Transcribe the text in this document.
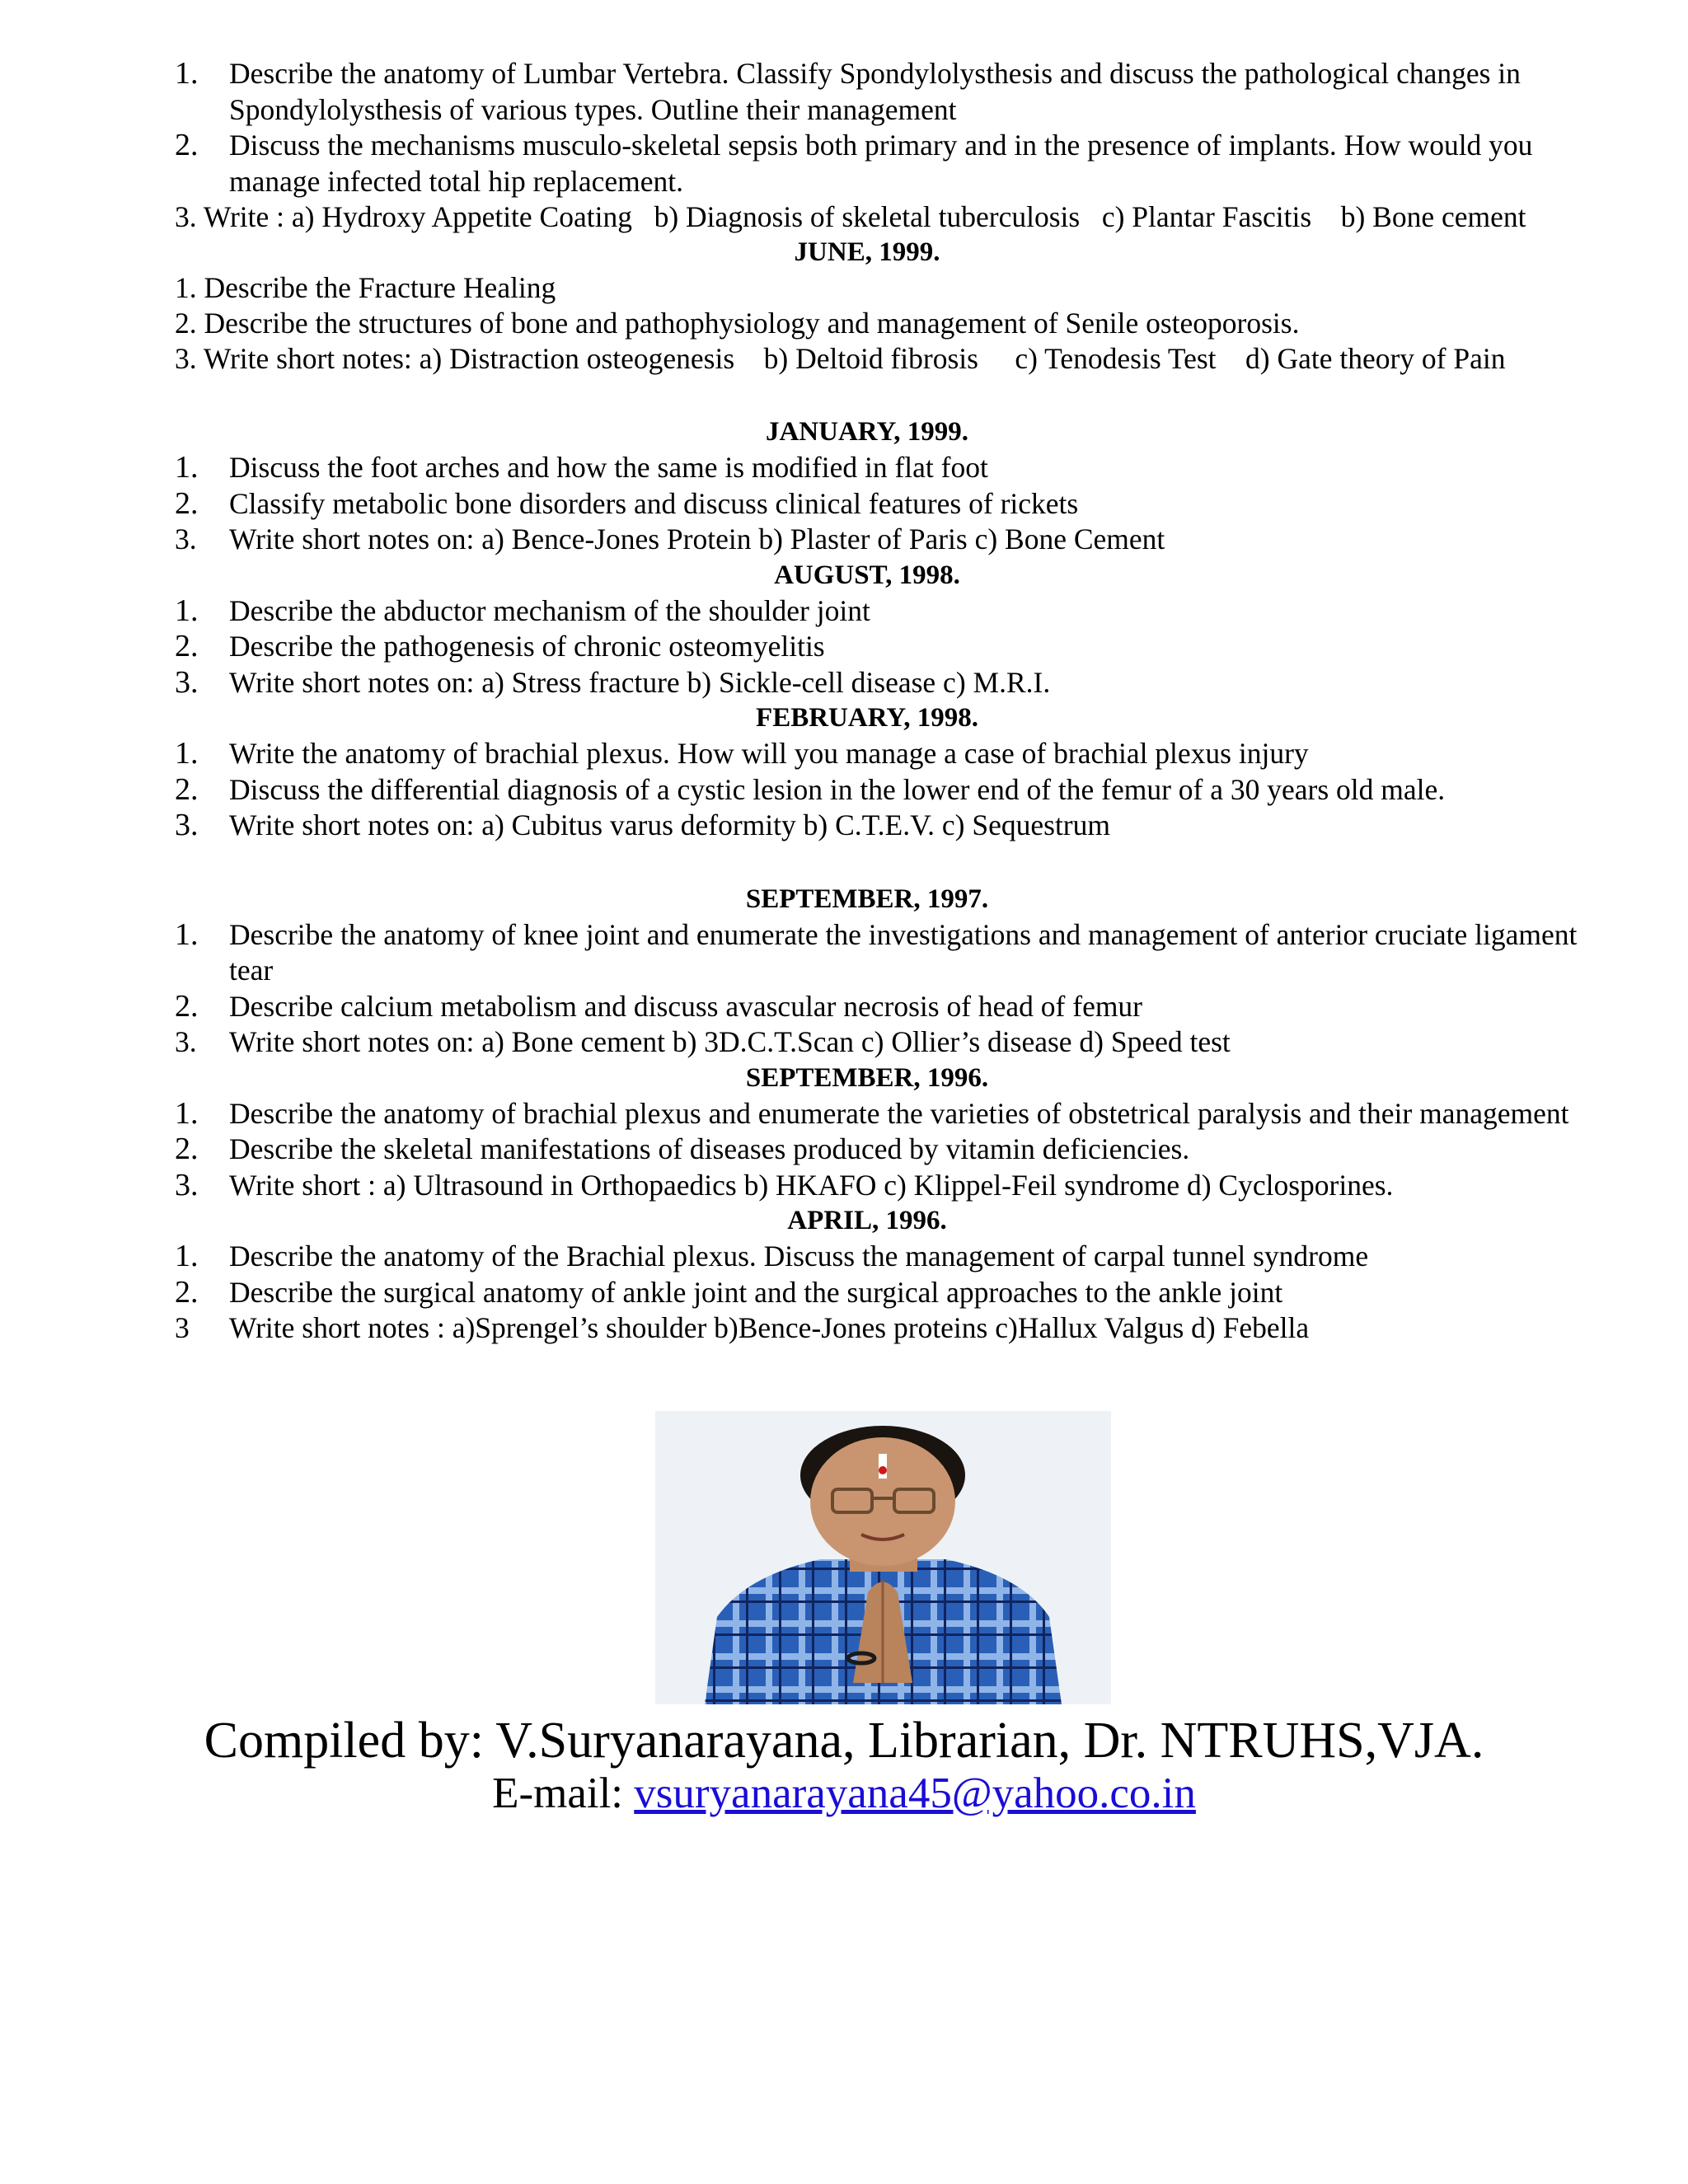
1.	Describe the anatomy of Lumbar Vertebra. Classify Spondylolysthesis and discuss the pathological changes in Spondylolysthesis of various types. Outline their management
2.	Discuss the mechanisms musculo-skeletal sepsis both primary and in the presence of implants. How would you manage infected total hip replacement.
3. Write : a) Hydroxy Appetite Coating   b) Diagnosis of skeletal tuberculosis   c) Plantar Fascitis    b) Bone cement
JUNE, 1999.
1. Describe the Fracture Healing
2. Describe the structures of bone and pathophysiology and management of Senile osteoporosis.
3. Write short notes: a) Distraction osteogenesis    b) Deltoid fibrosis     c) Tenodesis Test    d) Gate theory of Pain
JANUARY, 1999.
1.	Discuss the foot arches and how the same is modified in flat foot
2.	Classify metabolic bone disorders and discuss clinical features of rickets
3.	Write short notes on: a) Bence-Jones Protein b) Plaster of Paris c) Bone Cement
AUGUST, 1998.
1.	Describe the abductor mechanism of the shoulder joint
2.	Describe the pathogenesis of chronic osteomyelitis
3.	Write short notes on: a) Stress fracture b) Sickle-cell disease c) M.R.I.
FEBRUARY, 1998.
1.	Write the anatomy of brachial plexus. How will you manage a case of brachial plexus injury
2.	Discuss the differential diagnosis of a cystic lesion in the lower end of the femur of a 30 years old male.
3.	Write short notes on: a) Cubitus varus deformity b) C.T.E.V. c) Sequestrum
SEPTEMBER, 1997.
1.	Describe the anatomy of knee joint and enumerate the investigations and management of anterior cruciate ligament tear
2.	Describe calcium metabolism and discuss avascular necrosis of head of femur
3.	Write short notes on: a) Bone cement b) 3D.C.T.Scan c) Ollier’s disease d) Speed test
SEPTEMBER, 1996.
1.	Describe the anatomy of brachial plexus and enumerate the varieties of obstetrical paralysis and their management
2.	Describe the skeletal manifestations of diseases produced by vitamin deficiencies.
3.	Write short : a) Ultrasound in Orthopaedics b) HKAFO c) Klippel-Feil syndrome d) Cyclosporines.
APRIL, 1996.
1.	Describe the anatomy of the Brachial plexus. Discuss the management of carpal tunnel syndrome
2.	Describe the surgical anatomy of ankle joint and the surgical approaches to the ankle joint
3	Write short notes : a)Sprengel’s shoulder b)Bence-Jones proteins c)Hallux Valgus d) Febella
Compiled by: V.Suryanarayana, Librarian, Dr. NTRUHS,VJA.
E-mail: vsuryanarayana45@yahoo.co.in
